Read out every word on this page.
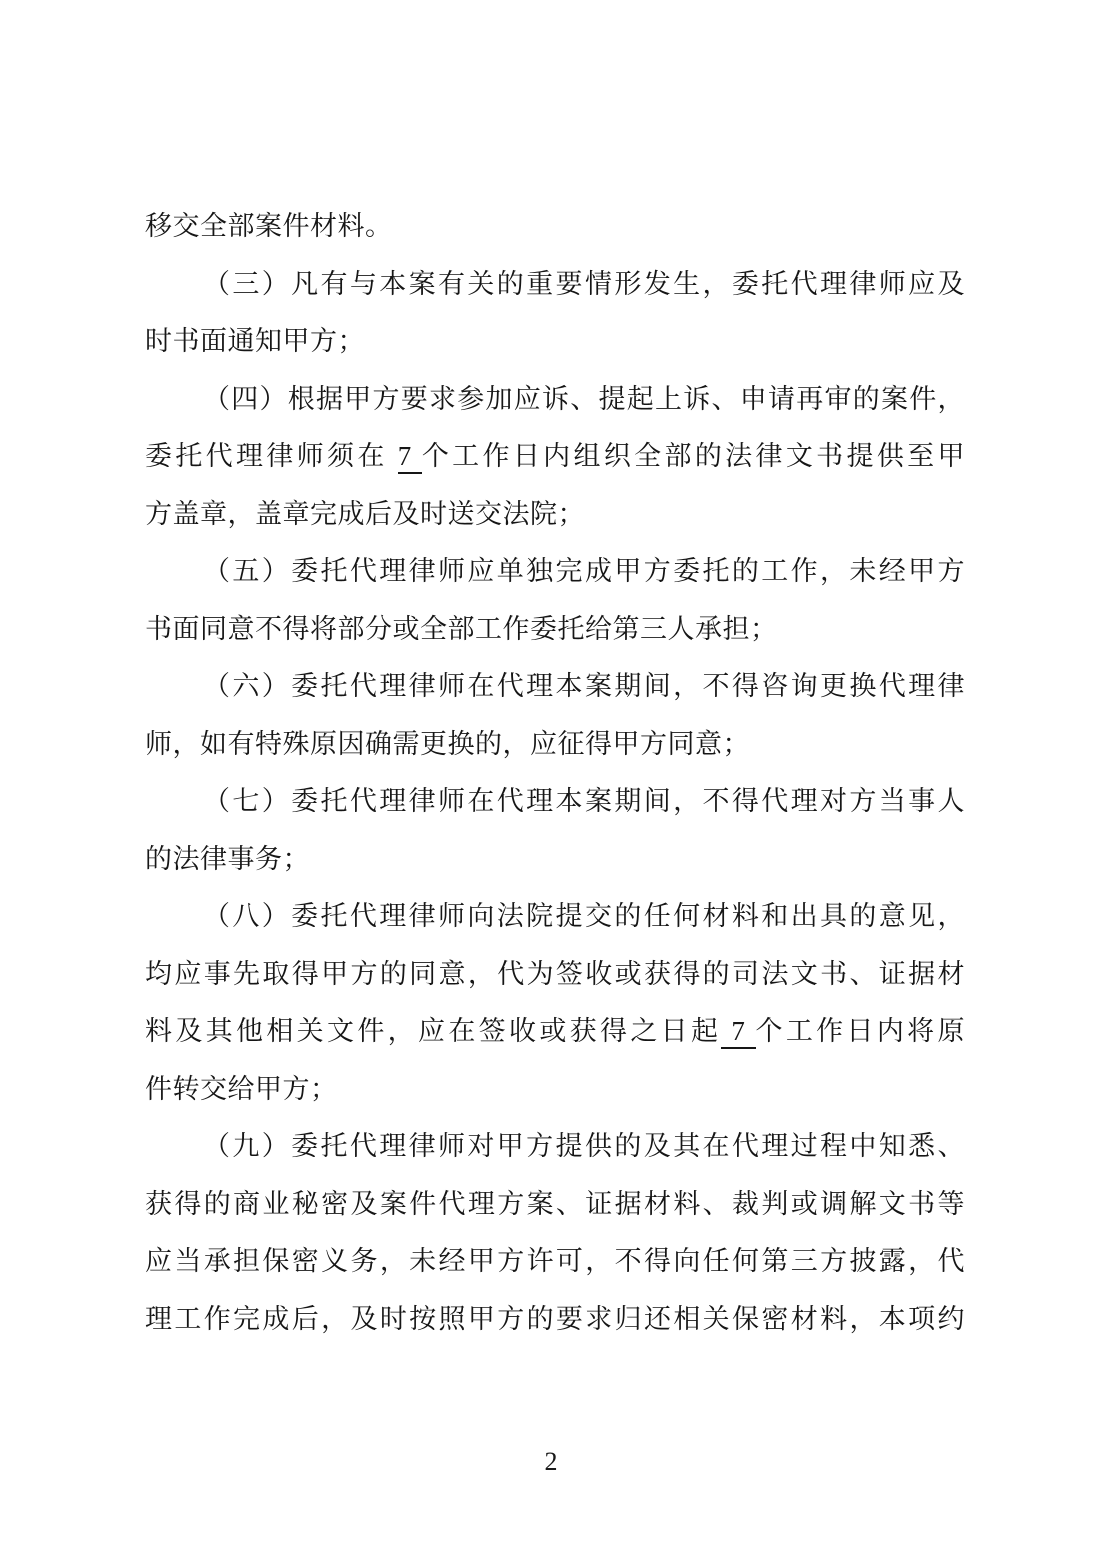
移交全部案件材料。
（三）凡有与本案有关的重要情形发生，委托代理律师应及
时书面通知甲方；
（四）根据甲方要求参加应诉、提起上诉、申请再审的案件，
委托代理律师须在 7 个工作日内组织全部的法律文书提供至甲
方盖章，盖章完成后及时送交法院；
（五）委托代理律师应单独完成甲方委托的工作，未经甲方
书面同意不得将部分或全部工作委托给第三人承担；
（六）委托代理律师在代理本案期间，不得咨询更换代理律
师，如有特殊原因确需更换的，应征得甲方同意；
（七）委托代理律师在代理本案期间，不得代理对方当事人
的法律事务；
（八）委托代理律师向法院提交的任何材料和出具的意见，
均应事先取得甲方的同意，代为签收或获得的司法文书、证据材
料及其他相关文件，应在签收或获得之日起 7 个工作日内将原
件转交给甲方；
（九）委托代理律师对甲方提供的及其在代理过程中知悉、
获得的商业秘密及案件代理方案、证据材料、裁判或调解文书等
应当承担保密义务，未经甲方许可，不得向任何第三方披露，代
理工作完成后，及时按照甲方的要求归还相关保密材料，本项约
2
